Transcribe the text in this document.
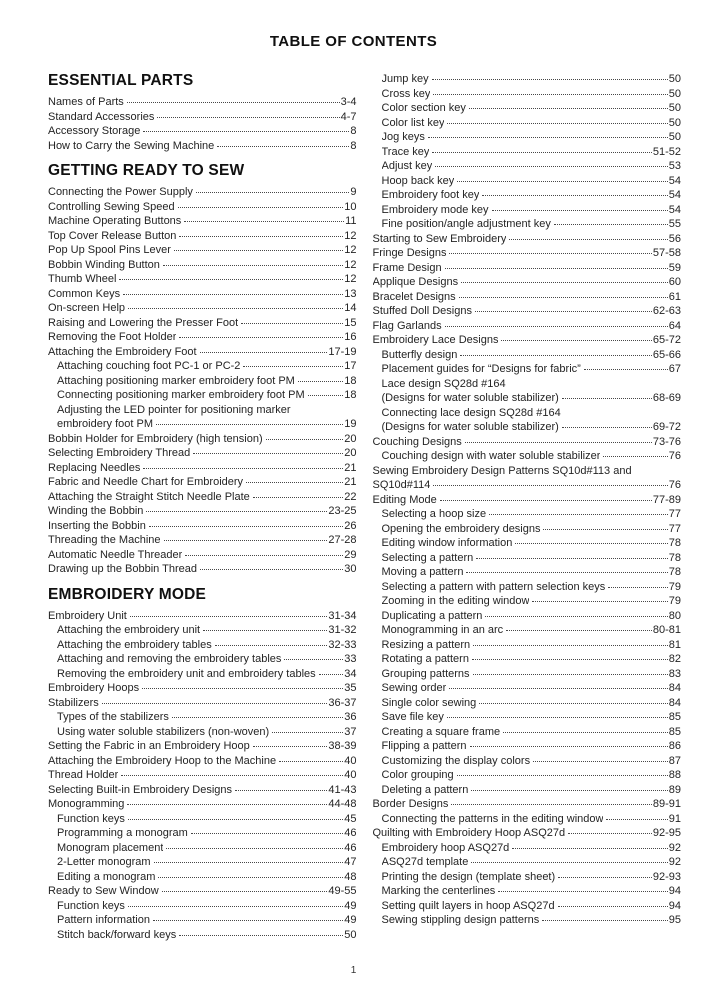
TABLE OF CONTENTS
ESSENTIAL PARTS
Names of Parts	3-4
Standard Accessories	4-7
Accessory Storage	8
How to Carry the Sewing Machine	8
GETTING READY TO SEW
Connecting the Power Supply	9
Controlling Sewing Speed	10
Machine Operating Buttons	11
Top Cover Release Button	12
Pop Up Spool Pins Lever	12
Bobbin Winding Button	12
Thumb Wheel	12
Common Keys	13
On-screen Help	14
Raising and Lowering the Presser Foot	15
Removing the Foot Holder	16
Attaching the Embroidery Foot	17-19
Attaching couching foot PC-1 or PC-2	17
Attaching positioning marker embroidery foot PM	18
Connecting positioning marker embroidery foot PM	18
Adjusting the LED pointer for positioning marker
embroidery foot PM	19
Bobbin Holder for Embroidery (high tension)	20
Selecting Embroidery Thread	20
Replacing Needles	21
Fabric and Needle Chart for Embroidery	21
Attaching the Straight Stitch Needle Plate	22
Winding the Bobbin	23-25
Inserting the Bobbin	26
Threading the Machine	27-28
Automatic Needle Threader	29
Drawing up the Bobbin Thread	30
EMBROIDERY MODE
Embroidery Unit	31-34
Attaching the embroidery unit	31-32
Attaching the embroidery tables	32-33
Attaching and removing the embroidery tables	33
Removing the embroidery unit and embroidery tables	34
Embroidery Hoops	35
Stabilizers	36-37
Types of the stabilizers	36
Using water soluble stabilizers (non-woven)	37
Setting the Fabric in an Embroidery Hoop	38-39
Attaching the Embroidery Hoop to the Machine	40
Thread Holder	40
Selecting Built-in Embroidery Designs	41-43
Monogramming	44-48
Function keys	45
Programming a monogram	46
Monogram placement	46
2-Letter monogram	47
Editing a monogram	48
Ready to Sew Window	49-55
Function keys	49
Pattern information	49
Stitch back/forward keys	50
Jump key	50
Cross key	50
Color section key	50
Color list key	50
Jog keys	50
Trace key	51-52
Adjust key	53
Hoop back key	54
Embroidery foot key	54
Embroidery mode key	54
Fine position/angle adjustment key	55
Starting to Sew Embroidery	56
Fringe Designs	57-58
Frame Design	59
Applique Designs	60
Bracelet Designs	61
Stuffed Doll Designs	62-63
Flag Garlands	64
Embroidery Lace Designs	65-72
Butterfly design	65-66
Placement guides for “Designs for fabric”	67
Lace design SQ28d #164
(Designs for water soluble stabilizer)	68-69
Connecting lace design SQ28d #164
(Designs for water soluble stabilizer)	69-72
Couching Designs	73-76
Couching design with water soluble stabilizer	76
Sewing Embroidery Design Patterns SQ10d#113 and
SQ10d#114	76
Editing Mode	77-89
Selecting a hoop size	77
Opening the embroidery designs	77
Editing window information	78
Selecting a pattern	78
Moving a pattern	78
Selecting a pattern with pattern selection keys	79
Zooming in the editing window	79
Duplicating a pattern	80
Monogramming in an arc	80-81
Resizing a pattern	81
Rotating a pattern	82
Grouping patterns	83
Sewing order	84
Single color sewing	84
Save file key	85
Creating a square frame	85
Flipping a pattern	86
Customizing the display colors	87
Color grouping	88
Deleting a pattern	89
Border Designs	89-91
Connecting the patterns in the editing window	91
Quilting with Embroidery Hoop ASQ27d	92-95
Embroidery hoop ASQ27d	92
ASQ27d template	92
Printing the design (template sheet)	92-93
Marking the centerlines	94
Setting quilt layers in hoop ASQ27d	94
Sewing stippling design patterns	95
1
